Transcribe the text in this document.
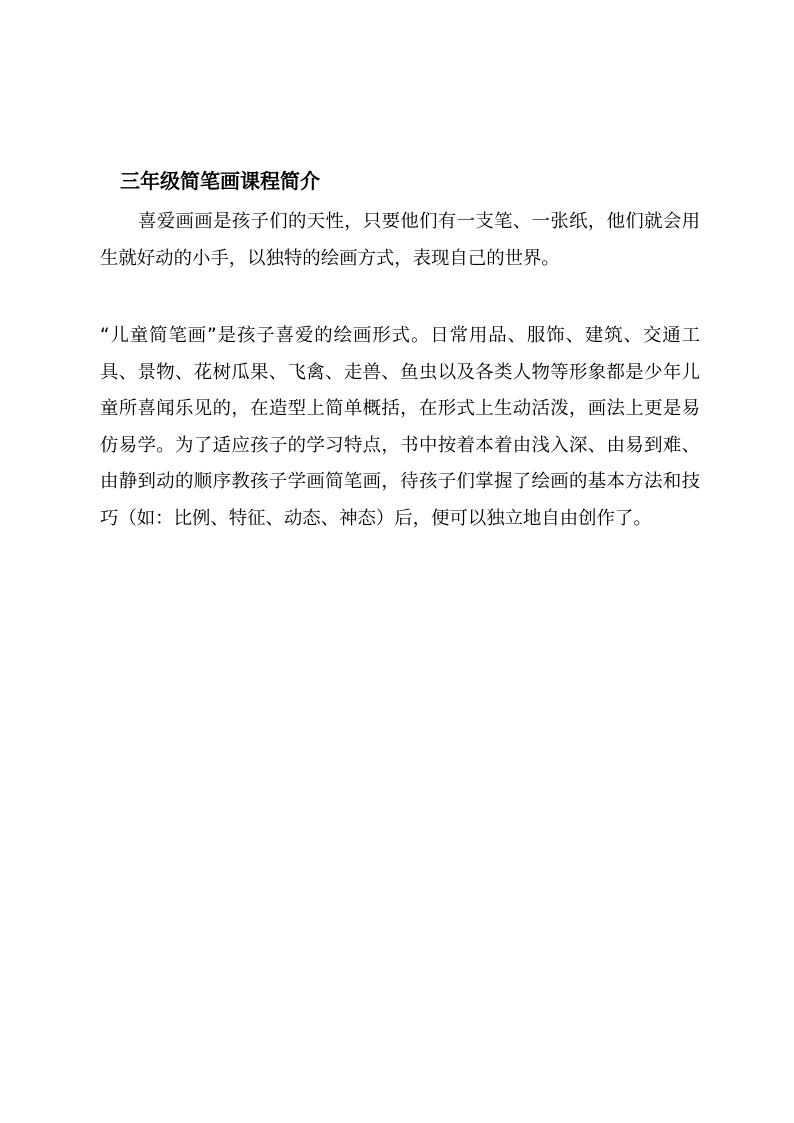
三年级简笔画课程简介

喜爱画画是孩子们的天性，只要他们有一支笔、一张纸，他们就会用生就好动的小手，以独特的绘画方式，表现自己的世界。

“儿童简笔画”是孩子喜爱的绘画形式。日常用品、服饰、建筑、交通工具、景物、花树瓜果、飞禽、走兽、鱼虫以及各类人物等形象都是少年儿童所喜闻乐见的，在造型上简单概括，在形式上生动活泼，画法上更是易仿易学。为了适应孩子的学习特点，书中按着本着由浅入深、由易到难、由静到动的顺序教孩子学画简笔画，待孩子们掌握了绘画的基本方法和技巧（如：比例、特征、动态、神态）后，便可以独立地自由创作了。
